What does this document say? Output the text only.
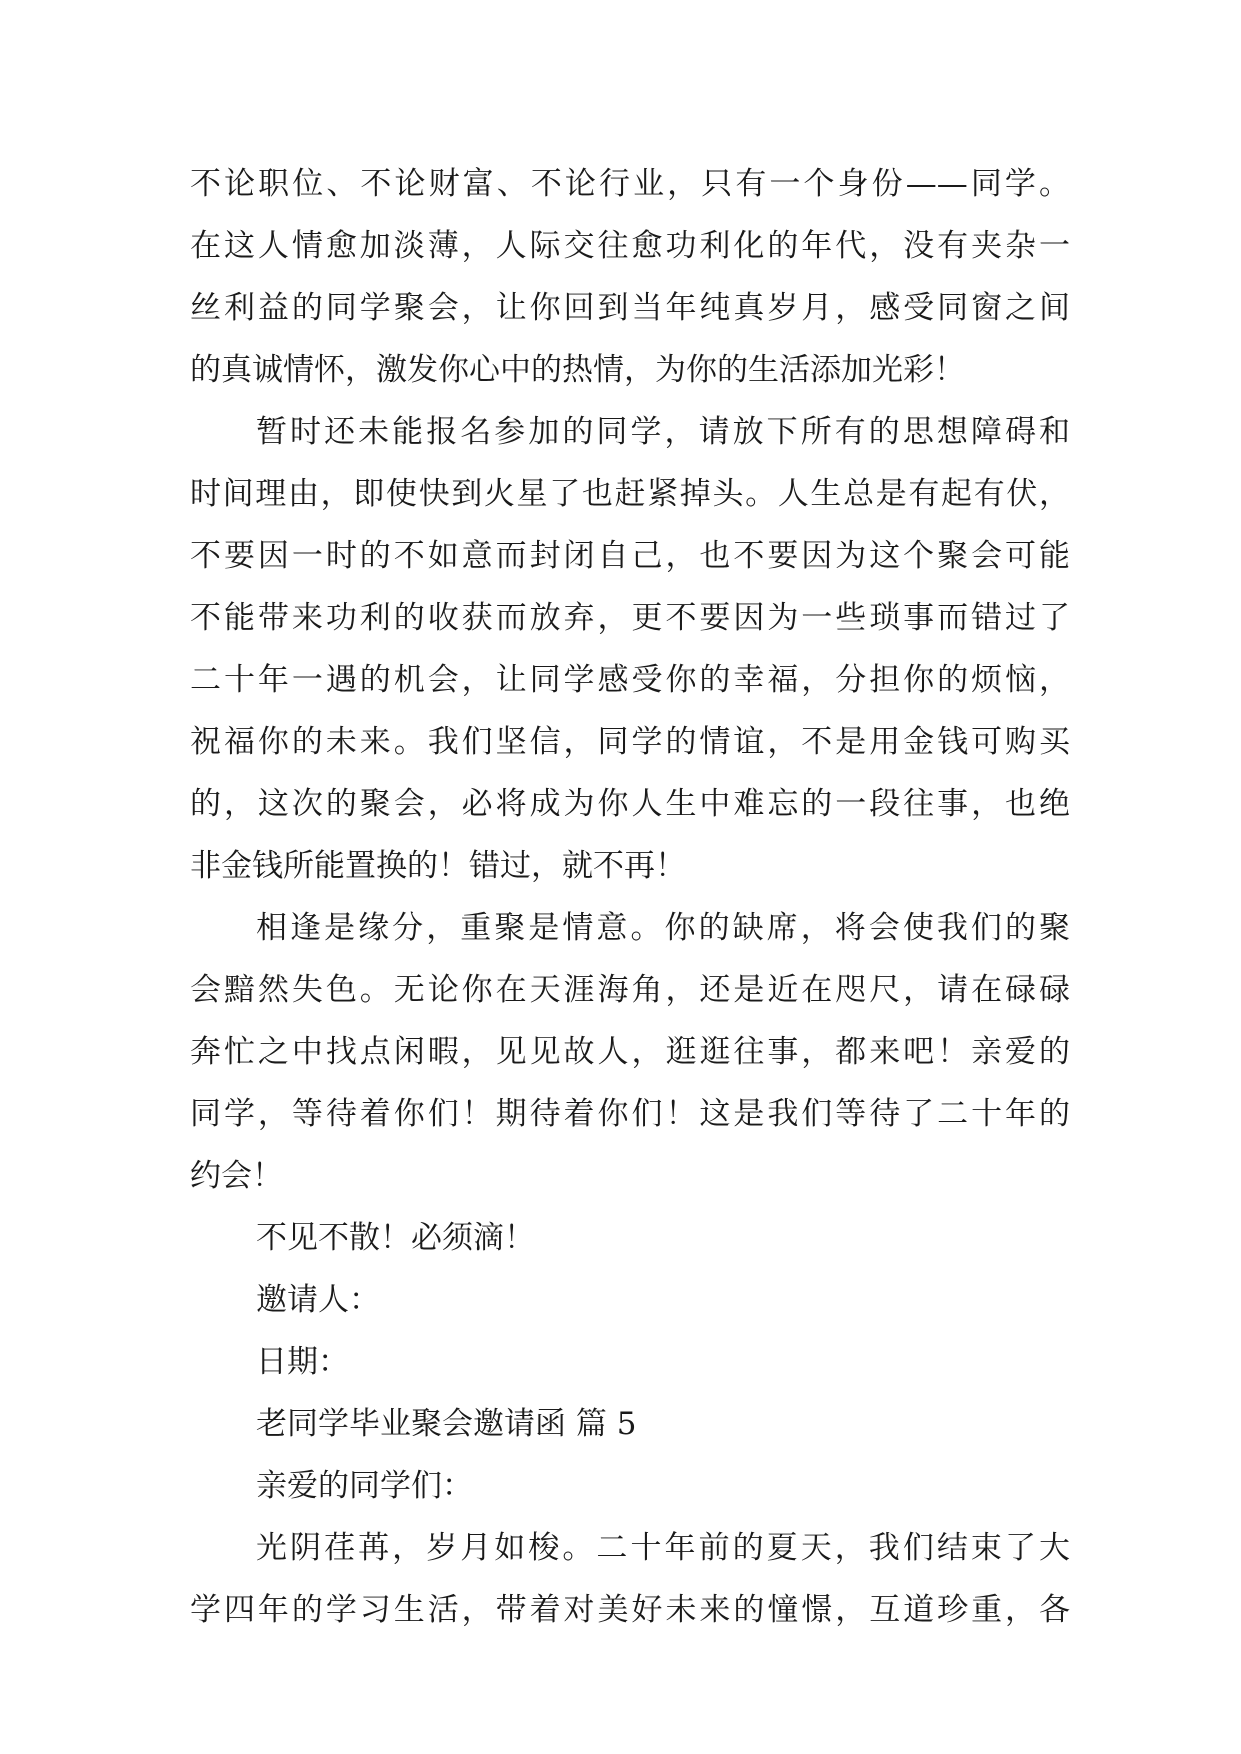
不论职位、不论财富、不论行业，只有一个身份——同学。
在这人情愈加淡薄，人际交往愈功利化的年代，没有夹杂一
丝利益的同学聚会，让你回到当年纯真岁月，感受同窗之间
的真诚情怀，激发你心中的热情，为你的生活添加光彩！
暂时还未能报名参加的同学，请放下所有的思想障碍和
时间理由，即使快到火星了也赶紧掉头。人生总是有起有伏，
不要因一时的不如意而封闭自己，也不要因为这个聚会可能
不能带来功利的收获而放弃，更不要因为一些琐事而错过了
二十年一遇的机会，让同学感受你的幸福，分担你的烦恼，
祝福你的未来。我们坚信，同学的情谊，不是用金钱可购买
的，这次的聚会，必将成为你人生中难忘的一段往事，也绝
非金钱所能置换的！错过，就不再！
相逢是缘分，重聚是情意。你的缺席，将会使我们的聚
会黯然失色。无论你在天涯海角，还是近在咫尺，请在碌碌
奔忙之中找点闲暇，见见故人，逛逛往事，都来吧！亲爱的
同学，等待着你们！期待着你们！这是我们等待了二十年的
约会！
不见不散！必须滴！
邀请人：
日期：
老同学毕业聚会邀请函 篇 5
亲爱的同学们：
光阴荏苒，岁月如梭。二十年前的夏天，我们结束了大
学四年的学习生活，带着对美好未来的憧憬，互道珍重，各
